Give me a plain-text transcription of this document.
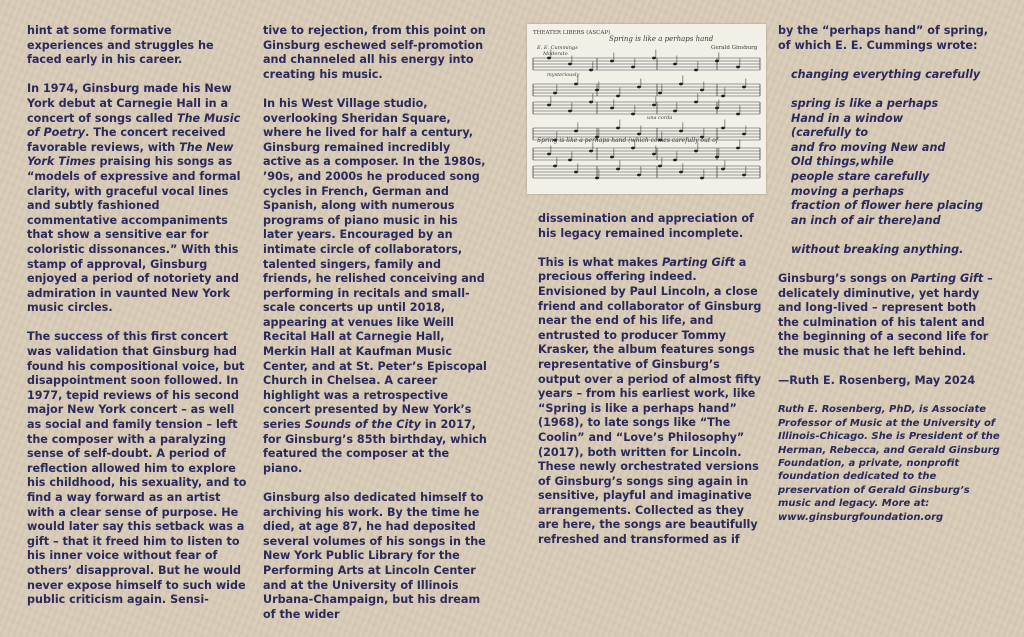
hint at some formative experiences and struggles he faced early in his career.

In 1974, Ginsburg made his New York debut at Carnegie Hall in a concert of songs called The Music of Poetry. The concert received favorable reviews, with The New York Times praising his songs as “models of expressive and formal clarity, with graceful vocal lines and subtly fashioned commentative accompaniments that show a sensitive ear for coloristic dissonances.” With this stamp of approval, Ginsburg enjoyed a period of notoriety and admiration in vaunted New York music circles.

The success of this first concert was validation that Ginsburg had found his compositional voice, but disappointment soon followed. In 1977, tepid reviews of his second major New York concert – as well as social and family tension – left the composer with a paralyzing sense of self-doubt. A period of reflection allowed him to explore his childhood, his sexuality, and to find a way forward as an artist with a clear sense of purpose. He would later say this setback was a gift – that it freed him to listen to his inner voice without fear of others’ disapproval. But he would never expose himself to such wide public criticism again. Sensi-

tive to rejection, from this point on Ginsburg eschewed self-promotion and channeled all his energy into creating his music.

In his West Village studio, overlooking Sheridan Square, where he lived for half a century, Ginsburg remained incredibly active as a composer. In the 1980s, ’90s, and 2000s he produced song cycles in French, German and Spanish, along with numerous programs of piano music in his later years. Encouraged by an intimate circle of collaborators, talented singers, family and friends, he relished conceiving and performing in recitals and small-scale concerts up until 2018, appearing at venues like Weill Recital Hall at Carnegie Hall, Merkin Hall at Kaufman Music Center, and at St. Peter’s Episcopal Church in Chelsea. A career highlight was a retrospective concert presented by New York’s series Sounds of the City in 2017, for Ginsburg’s 85th birthday, which featured the composer at the piano.

Ginsburg also dedicated himself to archiving his work. By the time he died, at age 87, he had deposited several volumes of his songs in the New York Public Library for the Performing Arts at Lincoln Center and at the University of Illinois Urbana-Champaign, but his dream of the wider

THEATER LIBERS (ASCAP)
Spring is like a perhaps hand
E. E. Cummings	Gerald Ginsburg
Moderato
mysteriously
una corda
Spring is like a perhaps hand (which comes carefully out of

dissemination and appreciation of his legacy remained incomplete.

This is what makes Parting Gift a precious offering indeed. Envisioned by Paul Lincoln, a close friend and collaborator of Ginsburg near the end of his life, and entrusted to producer Tommy Krasker, the album features songs representative of Ginsburg’s output over a period of almost fifty years – from his earliest work, like “Spring is like a perhaps hand” (1968), to late songs like “The Coolin” and “Love’s Philosophy” (2017), both written for Lincoln. These newly orchestrated versions of Ginsburg’s songs sing again in sensitive, playful and imaginative arrangements. Collected as they are here, the songs are beautifully refreshed and transformed as if

by the “perhaps hand” of spring, of which E. E. Cummings wrote:

changing everything carefully
spring is like a perhaps
Hand in a window
(carefully to
and fro moving New and
Old things,while
people stare carefully
moving a perhaps
fraction of flower here placing
an inch of air there)and
without breaking anything.

Ginsburg’s songs on Parting Gift – delicately diminutive, yet hardy and long-lived – represent both the culmination of his talent and the beginning of a second life for the music that he left behind.

—Ruth E. Rosenberg, May 2024

Ruth E. Rosenberg, PhD, is Associate Professor of Music at the University of Illinois-Chicago. She is President of the Herman, Rebecca, and Gerald Ginsburg Foundation, a private, nonprofit foundation dedicated to the preservation of Gerald Ginsburg’s music and legacy. More at: www.ginsburgfoundation.org
